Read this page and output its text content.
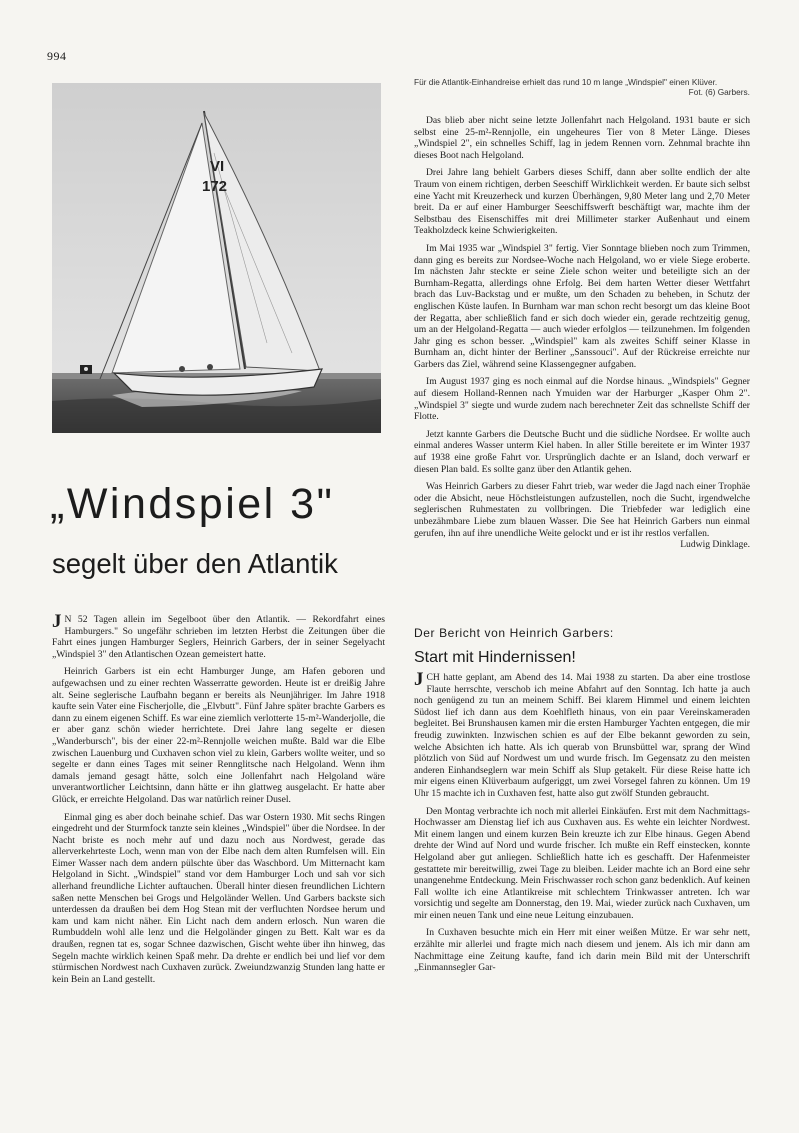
994
VI
172
Für die Atlantik-Einhandreise erhielt das rund 10 m lange „Windspiel" einen Klüver.
Fot. (6) Garbers.
„Windspiel 3"
segelt über den Atlantik

J N 52 Tagen allein im Segelboot über den Atlantik. — Rekordfahrt eines Hamburgers." So ungefähr schrieben im letzten Herbst die Zeitungen über die Fahrt eines jungen Hamburger Seglers, Heinrich Garbers, der in seiner Segelyacht „Windspiel 3" den Atlantischen Ozean gemeistert hatte.

Heinrich Garbers ist ein echt Hamburger Junge, am Hafen geboren und aufgewachsen und zu einer rechten Wasserratte geworden. Heute ist er dreißig Jahre alt. Seine seglerische Laufbahn begann er bereits als Neunjähriger. Im Jahre 1918 kaufte sein Vater eine Fischerjolle, die „Elvbutt". Fünf Jahre später brachte Garbers es dann zu einem eigenen Schiff. Es war eine ziemlich verlotterte 15-m²-Wanderjolle, die er aber ganz schön wieder herrichtete. Drei Jahre lang segelte er diesen „Wanderbursch", bis der einer 22-m²-Rennjolle weichen mußte. Bald war die Elbe zwischen Lauenburg und Cuxhaven schon viel zu klein, Garbers wollte weiter, und so segelte er dann eines Tages mit seiner Rennglitsche nach Helgoland. Wenn ihm damals jemand gesagt hätte, solch eine Jollenfahrt nach Helgoland wäre unverantwortlicher Leichtsinn, dann hätte er ihn glattweg ausgelacht. Er hatte aber Glück, er erreichte Helgoland. Das war natürlich reiner Dusel.

Einmal ging es aber doch beinahe schief. Das war Ostern 1930. Mit sechs Ringen eingedreht und der Sturmfock tanzte sein kleines „Windspiel" über die Nordsee. In der Nacht briste es noch mehr auf und dazu noch aus Nordwest, gerade das allerverkehrteste Loch, wenn man von der Elbe nach dem alten Rumfelsen will. Ein Eimer Wasser nach dem andern pülschte über das Waschbord. Um Mitternacht kam Helgoland in Sicht. „Windspiel" stand vor dem Hamburger Loch und sah vor sich allerhand freundliche Lichter auftauchen. Überall hinter diesen freundlichen Lichtern saßen nette Menschen bei Grogs und Helgoländer Wellen. Und Garbers backste sich unterdessen da draußen bei dem Hog Stean mit der verfluchten Nordsee herum und kam und kam nicht näher. Ein Licht nach dem andern erlosch. Nun waren die Rumbuddeln wohl alle lenz und die Helgoländer gingen zu Bett. Kalt war es da draußen, regnen tat es, sogar Schnee dazwischen, Gischt wehte über ihn hinweg, das Segeln machte wirklich keinen Spaß mehr. Da drehte er endlich bei und lief vor dem stürmischen Nordwest nach Cuxhaven zurück. Zweiundzwanzig Stunden lang hatte er kein Bein an Land gestellt.

Das blieb aber nicht seine letzte Jollenfahrt nach Helgoland. 1931 baute er sich selbst eine 25-m²-Rennjolle, ein ungeheures Tier von 8 Meter Länge. Dieses „Windspiel 2", ein schnelles Schiff, lag in jedem Rennen vorn. Zehnmal brachte ihn dieses Boot nach Helgoland.

Drei Jahre lang behielt Garbers dieses Schiff, dann aber sollte endlich der alte Traum von einem richtigen, derben Seeschiff Wirklichkeit werden. Er baute sich selbst eine Yacht mit Kreuzerheck und kurzen Überhängen, 9,80 Meter lang und 2,70 Meter breit. Da er auf einer Hamburger Seeschiffswerft beschäftigt war, machte ihm der Selbstbau des Eisenschiffes mit drei Millimeter starker Außenhaut und einem Teakholzdeck keine Schwierigkeiten.

Im Mai 1935 war „Windspiel 3" fertig. Vier Sonntage blieben noch zum Trimmen, dann ging es bereits zur Nordsee-Woche nach Helgoland, wo er viele Siege eroberte. Im nächsten Jahr steckte er seine Ziele schon weiter und beteiligte sich an der Burnham-Regatta, allerdings ohne Erfolg. Bei dem harten Wetter dieser Wettfahrt brach das Luv-Backstag und er mußte, um den Schaden zu beheben, in Schutz der englischen Küste laufen. In Burnham war man schon recht besorgt um das kleine Boot der Regatta, aber schließlich fand er sich doch wieder ein, gerade rechtzeitig genug, um an der Helgoland-Regatta — auch wieder erfolglos — teilzunehmen. Im folgenden Jahr ging es schon besser. „Windspiel" kam als zweites Schiff seiner Klasse in Burnham an, dicht hinter der Berliner „Sanssouci". Auf der Rückreise erreichte nur Garbers das Ziel, während seine Klassengegner aufgaben.

Im August 1937 ging es noch einmal auf die Nordse hinaus. „Windspiels" Gegner auf diesem Holland-Rennen nach Ymuiden war der Harburger „Kasper Ohm 2". „Windspiel 3" siegte und wurde zudem nach berechneter Zeit das schnellste Schiff der Flotte.

Jetzt kannte Garbers die Deutsche Bucht und die südliche Nordsee. Er wollte auch einmal anderes Wasser unterm Kiel haben. In aller Stille bereitete er im Winter 1937 auf 1938 eine große Fahrt vor. Ursprünglich dachte er an Island, doch verwarf er diesen Plan bald. Es sollte ganz über den Atlantik gehen.

Was Heinrich Garbers zu dieser Fahrt trieb, war weder die Jagd nach einer Trophäe oder die Absicht, neue Höchstleistungen aufzustellen, noch die Sucht, irgendwelche seglerischen Ruhmestaten zu vollbringen. Die Triebfeder war lediglich eine unbezähmbare Liebe zum blauen Wasser. Die See hat Heinrich Garbers nun einmal gerufen, ihn auf ihre unendliche Weite gelockt und er ist ihr restlos verfallen.

Ludwig Dinklage.
Der Bericht von Heinrich Garbers:
Start mit Hindernissen!

JCH hatte geplant, am Abend des 14. Mai 1938 zu starten. Da aber eine trostlose Flaute herrschte, verschob ich meine Abfahrt auf den Sonntag. Ich hatte ja auch noch genügend zu tun an meinem Schiff. Bei klarem Himmel und einem leichten Südost lief ich dann aus dem Koehlfleth hinaus, von ein paar Vereinskameraden begleitet. Bei Brunshausen kamen mir die ersten Hamburger Yachten entgegen, die mir freudig zuwinkten. Inzwischen schien es auf der Elbe bekannt geworden zu sein, welche Absichten ich hatte. Als ich querab von Brunsbüttel war, sprang der Wind plötzlich von Süd auf Nordwest um und wurde frisch. Im Gegensatz zu den meisten anderen Einhandseglern war mein Schiff als Slup getakelt. Für diese Reise hatte ich mir eigens einen Klüverbaum aufgeriggt, um zwei Vorsegel fahren zu können. Um 19 Uhr 15 machte ich in Cuxhaven fest, hatte also gut zwölf Stunden gebraucht.

Den Montag verbrachte ich noch mit allerlei Einkäufen. Erst mit dem Nachmittags-Hochwasser am Dienstag lief ich aus Cuxhaven aus. Es wehte ein leichter Nordwest. Mit einem langen und einem kurzen Bein kreuzte ich zur Elbe hinaus. Gegen Abend drehte der Wind auf Nord und wurde frischer. Ich mußte ein Reff einstecken, konnte Helgoland aber gut anliegen. Schließlich hatte ich es geschafft. Der Hafenmeister gestattete mir bereitwillig, zwei Tage zu bleiben. Leider machte ich an Bord eine sehr unangenehme Entdeckung. Mein Frischwasser roch schon ganz bedenklich. Auf keinen Fall wollte ich eine Atlantikreise mit schlechtem Trinkwasser antreten. Ich war vorsichtig und segelte am Donnerstag, den 19. Mai, wieder zurück nach Cuxhaven, um mir einen neuen Tank und eine neue Leitung einzubauen.

In Cuxhaven besuchte mich ein Herr mit einer weißen Mütze. Er war sehr nett, erzählte mir allerlei und fragte mich nach diesem und jenem. Als ich mir dann am Nachmittage eine Zeitung kaufte, fand ich darin mein Bild mit der Unterschrift „Einmannsegler Gar-
